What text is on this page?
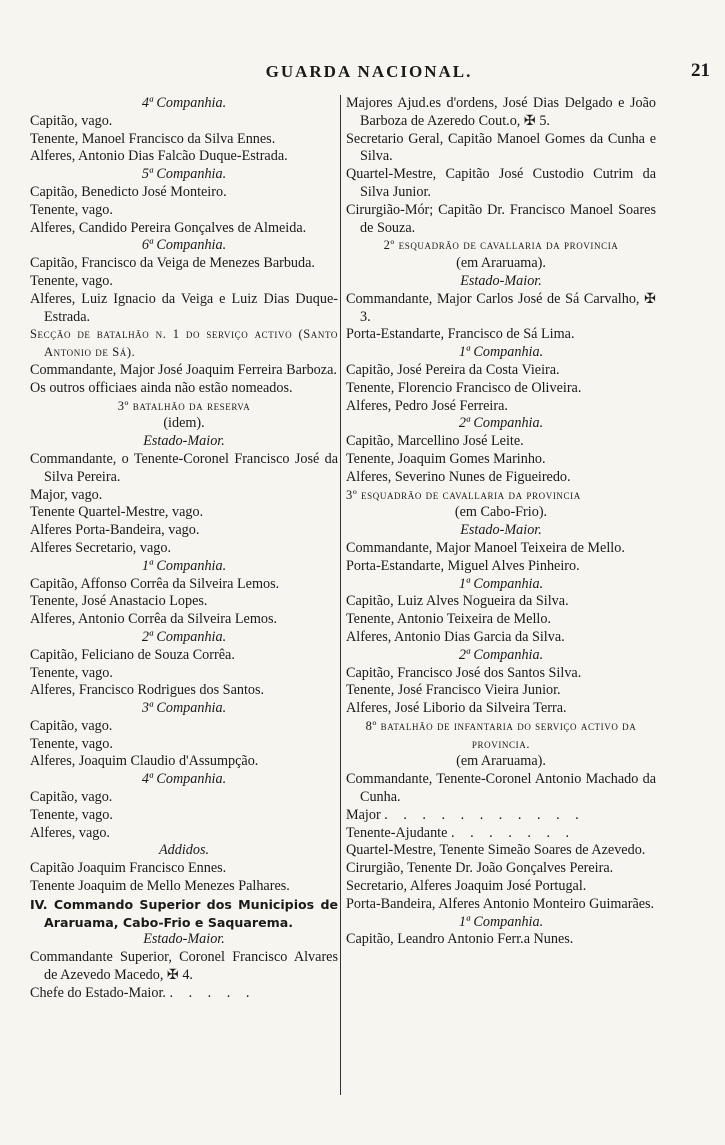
GUARDA NACIONAL.	21
4ª Companhia.
Capitão, vago.
Tenente, Manoel Francisco da Silva Ennes.
Alferes, Antonio Dias Falcão Duque-Estrada.
5ª Companhia.
Capitão, Benedicto José Monteiro.
Tenente, vago.
Alferes, Candido Pereira Gonçalves de Almeida.
6ª Companhia.
Capitão, Francisco da Veiga de Menezes Barbuda.
Tenente, vago.
Alferes, Luiz Ignacio da Veiga e Luiz Dias Duque-Estrada.
Secção de batalhão n. 1 do serviço activo (Santo Antonio de Sá).
Commandante, Major José Joaquim Ferreira Barboza.
Os outros officiaes ainda não estão nomeados.
3º batalhão da reserva
(idem).
Estado-Maior.
Commandante, o Tenente-Coronel Francisco José da Silva Pereira.
Major, vago.
Tenente Quartel-Mestre, vago.
Alferes Porta-Bandeira, vago.
Alferes Secretario, vago.
1ª Companhia.
Capitão, Affonso Corrêa da Silveira Lemos.
Tenente, José Anastacio Lopes.
Alferes, Antonio Corrêa da Silveira Lemos.
2ª Companhia.
Capitão, Feliciano de Souza Corrêa.
Tenente, vago.
Alferes, Francisco Rodrigues dos Santos.
3ª Companhia.
Capitão, vago.
Tenente, vago.
Alferes, Joaquim Claudio d'Assumpção.
4ª Companhia.
Capitão, vago.
Tenente, vago.
Alferes, vago.
Addidos.
Capitão Joaquim Francisco Ennes.
Tenente Joaquim de Mello Menezes Palhares.
IV. Commando Superior dos Municipios de Araruama, Cabo-Frio e Saquarema.
Estado-Maior.
Commandante Superior, Coronel Francisco Alvares de Azevedo Macedo, ✠ 4.
Chefe do Estado-Maior. . . . . .
Majores Ajud.es d'ordens, José Dias Delgado e João Barboza de Azeredo Cout.o, ✠ 5.
Secretario Geral, Capitão Manoel Gomes da Cunha e Silva.
Quartel-Mestre, Capitão José Custodio Cutrim da Silva Junior.
Cirurgião-Mór; Capitão Dr. Francisco Manoel Soares de Souza.
2º esquadrão de cavallaria da provincia
(em Araruama).
Estado-Maior.
Commandante, Major Carlos José de Sá Carvalho, ✠ 3.
Porta-Estandarte, Francisco de Sá Lima.
1ª Companhia.
Capitão, José Pereira da Costa Vieira.
Tenente, Florencio Francisco de Oliveira.
Alferes, Pedro José Ferreira.
2ª Companhia.
Capitão, Marcellino José Leite.
Tenente, Joaquim Gomes Marinho.
Alferes, Severino Nunes de Figueiredo.
3º esquadrão de cavallaria da provincia
(em Cabo-Frio).
Estado-Maior.
Commandante, Major Manoel Teixeira de Mello.
Porta-Estandarte, Miguel Alves Pinheiro.
1ª Companhia.
Capitão, Luiz Alves Nogueira da Silva.
Tenente, Antonio Teixeira de Mello.
Alferes, Antonio Dias Garcia da Silva.
2ª Companhia.
Capitão, Francisco José dos Santos Silva.
Tenente, José Francisco Vieira Junior.
Alferes, José Liborio da Silveira Terra.
8º batalhão de infantaria do serviço activo da provincia.
(em Araruama).
Commandante, Tenente-Coronel Antonio Machado da Cunha.
Major . . . . . . . . . . .
Tenente-Ajudante . . . . . . .
Quartel-Mestre, Tenente Simeão Soares de Azevedo.
Cirurgião, Tenente Dr. João Gonçalves Pereira.
Secretario, Alferes Joaquim José Portugal.
Porta-Bandeira, Alferes Antonio Monteiro Guimarães.
1ª Companhia.
Capitão, Leandro Antonio Ferr.a Nunes.
